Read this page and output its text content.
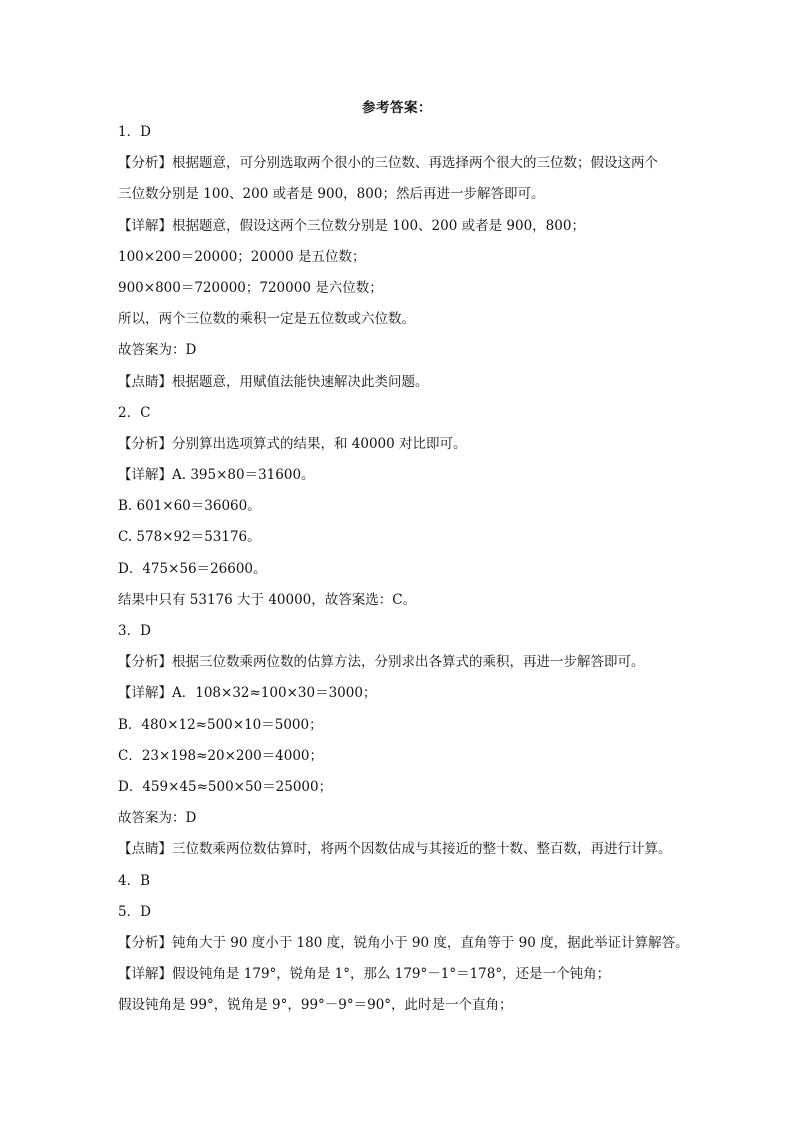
参考答案：
1．D
【分析】根据题意，可分别选取两个很小的三位数、再选择两个很大的三位数；假设这两个
三位数分别是 100、200 或者是 900，800；然后再进一步解答即可。
【详解】根据题意，假设这两个三位数分别是 100、200 或者是 900，800；
100×200＝20000；20000 是五位数；
900×800＝720000；720000 是六位数；
所以，两个三位数的乘积一定是五位数或六位数。
故答案为：D
【点睛】根据题意，用赋值法能快速解决此类问题。
2．C
【分析】分别算出选项算式的结果，和 40000 对比即可。
【详解】A. 395×80＝31600。
B. 601×60＝36060。
C. 578×92＝53176。
D．475×56＝26600。
结果中只有 53176 大于 40000，故答案选：C。
3．D
【分析】根据三位数乘两位数的估算方法，分别求出各算式的乘积，再进一步解答即可。
【详解】A．108×32≈100×30＝3000；
B．480×12≈500×10＝5000；
C．23×198≈20×200＝4000；
D．459×45≈500×50＝25000；
故答案为：D
【点睛】三位数乘两位数估算时，将两个因数估成与其接近的整十数、整百数，再进行计算。
4．B
5．D
【分析】钝角大于 90 度小于 180 度，锐角小于 90 度，直角等于 90 度，据此举证计算解答。
【详解】假设钝角是 179°，锐角是 1°，那么 179°－1°＝178°，还是一个钝角；
假设钝角是 99°，锐角是 9°，99°－9°＝90°，此时是一个直角；
